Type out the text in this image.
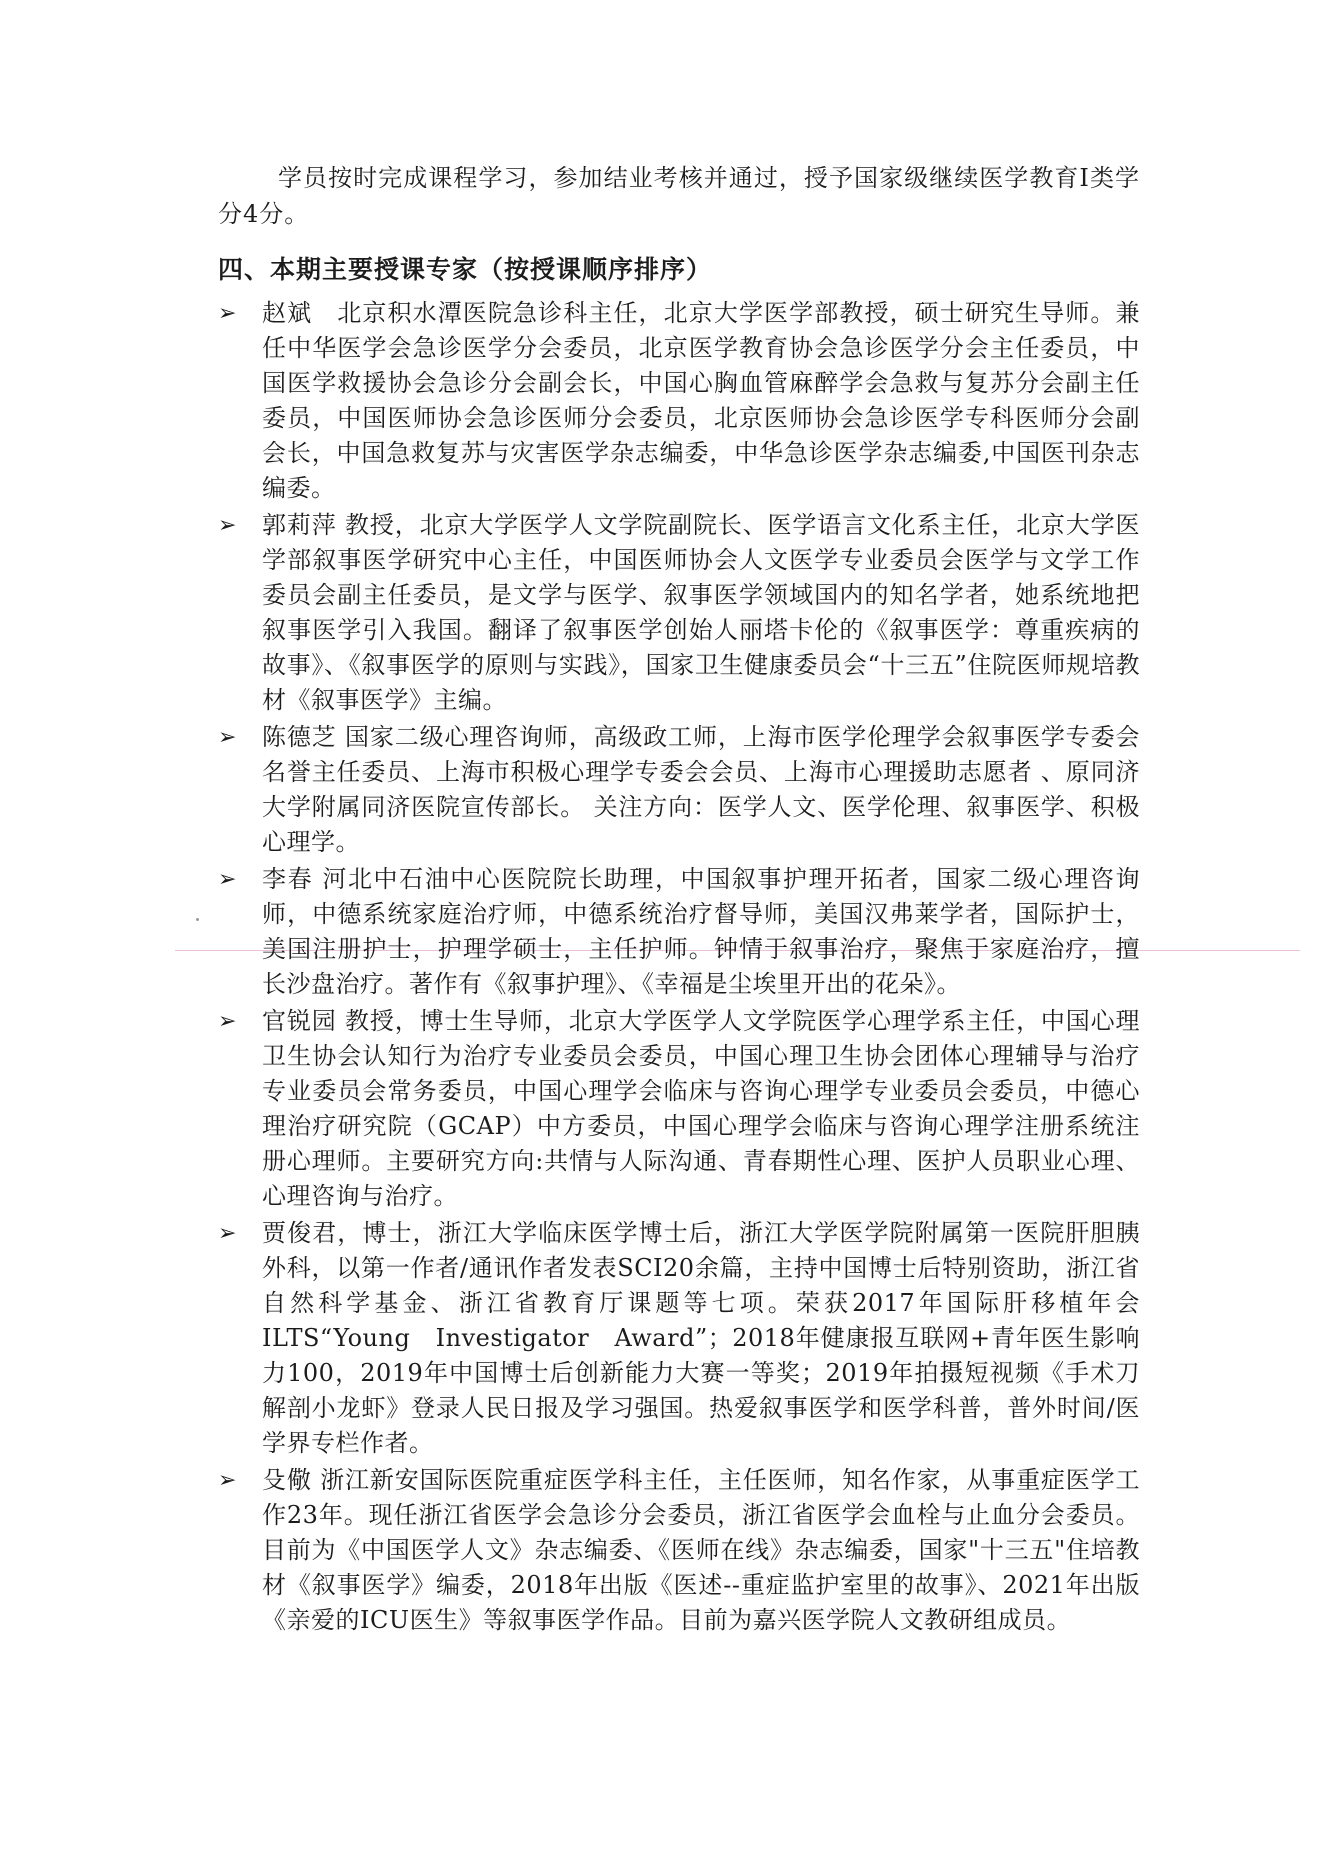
学员按时完成课程学习，参加结业考核并通过，授予国家级继续医学教育Ⅰ类学分4分。

四、本期主要授课专家（按授课顺序排序）
➢	赵斌　北京积水潭医院急诊科主任，北京大学医学部教授，硕士研究生导师。兼任中华医学会急诊医学分会委员，北京医学教育协会急诊医学分会主任委员，中国医学救援协会急诊分会副会长，中国心胸血管麻醉学会急救与复苏分会副主任委员，中国医师协会急诊医师分会委员，北京医师协会急诊医学专科医师分会副会长，中国急救复苏与灾害医学杂志编委，中华急诊医学杂志编委,中国医刊杂志编委。

➢	郭莉萍 教授，北京大学医学人文学院副院长、医学语言文化系主任，北京大学医学部叙事医学研究中心主任，中国医师协会人文医学专业委员会医学与文学工作委员会副主任委员，是文学与医学、叙事医学领域国内的知名学者，她系统地把叙事医学引入我国。翻译了叙事医学创始人丽塔卡伦的《叙事医学：尊重疾病的故事》、《叙事医学的原则与实践》，国家卫生健康委员会“十三五”住院医师规培教材《叙事医学》主编。

➢	陈德芝 国家二级心理咨询师，高级政工师，上海市医学伦理学会叙事医学专委会名誉主任委员、上海市积极心理学专委会会员、上海市心理援助志愿者 、原同济大学附属同济医院宣传部长。 关注方向：医学人文、医学伦理、叙事医学、积极心理学。

➢	李春 河北中石油中心医院院长助理，中国叙事护理开拓者，国家二级心理咨询师，中德系统家庭治疗师，中德系统治疗督导师，美国汉弗莱学者，国际护士，美国注册护士，护理学硕士，主任护师。钟情于叙事治疗，聚焦于家庭治疗，擅长沙盘治疗。著作有《叙事护理》、《幸福是尘埃里开出的花朵》。

➢	官锐园 教授，博士生导师，北京大学医学人文学院医学心理学系主任，中国心理卫生协会认知行为治疗专业委员会委员，中国心理卫生协会团体心理辅导与治疗专业委员会常务委员，中国心理学会临床与咨询心理学专业委员会委员，中德心理治疗研究院（GCAP）中方委员，中国心理学会临床与咨询心理学注册系统注册心理师。主要研究方向:共情与人际沟通、青春期性心理、医护人员职业心理、心理咨询与治疗。

➢	贾俊君，博士，浙江大学临床医学博士后，浙江大学医学院附属第一医院肝胆胰外科，以第一作者/通讯作者发表SCI20余篇，主持中国博士后特别资助，浙江省自然科学基金、浙江省教育厅课题等七项。荣获2017年国际肝移植年会ILTS“Young　Investigator　Award”；2018年健康报互联网+青年医生影响力100，2019年中国博士后创新能力大赛一等奖；2019年拍摄短视频《手术刀解剖小龙虾》登录人民日报及学习强国。热爱叙事医学和医学科普，普外时间/医学界专栏作者。

➢	殳儆 浙江新安国际医院重症医学科主任，主任医师，知名作家，从事重症医学工作23年。现任浙江省医学会急诊分会委员，浙江省医学会血栓与止血分会委员。目前为《中国医学人文》杂志编委、《医师在线》杂志编委，国家"十三五"住培教材《叙事医学》编委，2018年出版《医述--重症监护室里的故事》、2021年出版《亲爱的ICU医生》等叙事医学作品。目前为嘉兴医学院人文教研组成员。
